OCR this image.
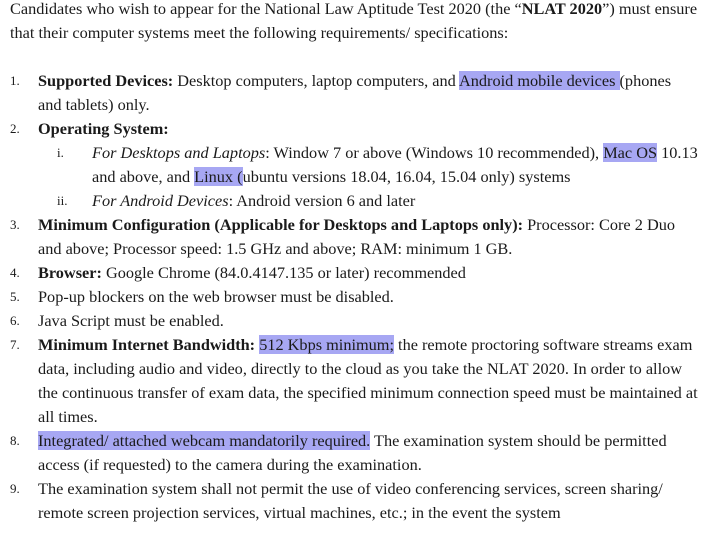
Candidates who wish to appear for the National Law Aptitude Test 2020 (the “NLAT 2020”) must ensure that their computer systems meet the following requirements/ specifications:

1. Supported Devices: Desktop computers, laptop computers, and Android mobile devices (phones and tablets) only.
2. Operating System:
i. For Desktops and Laptops: Window 7 or above (Windows 10 recommended), Mac OS 10.13 and above, and Linux (ubuntu versions 18.04, 16.04, 15.04 only) systems
ii. For Android Devices: Android version 6 and later
3. Minimum Configuration (Applicable for Desktops and Laptops only): Processor: Core 2 Duo and above; Processor speed: 1.5 GHz and above; RAM: minimum 1 GB.
4. Browser: Google Chrome (84.0.4147.135 or later) recommended
5. Pop-up blockers on the web browser must be disabled.
6. Java Script must be enabled.
7. Minimum Internet Bandwidth: 512 Kbps minimum; the remote proctoring software streams exam data, including audio and video, directly to the cloud as you take the NLAT 2020. In order to allow the continuous transfer of exam data, the specified minimum connection speed must be maintained at all times.
8. Integrated/ attached webcam mandatorily required. The examination system should be permitted access (if requested) to the camera during the examination.
9. The examination system shall not permit the use of video conferencing services, screen sharing/ remote screen projection services, virtual machines, etc.; in the event the system
